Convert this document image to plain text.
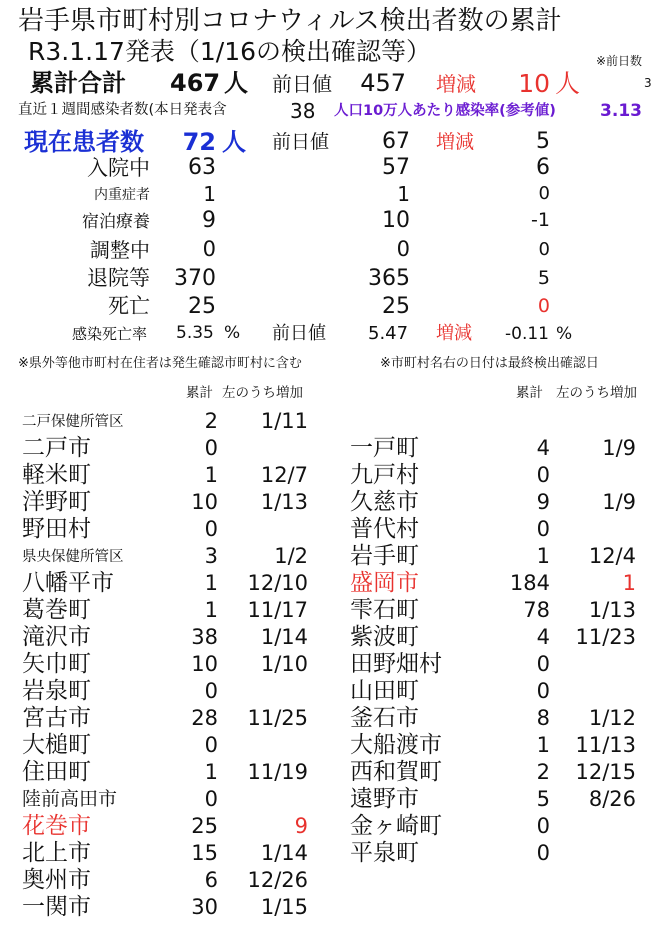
岩手県市町村別コロナウィルス検出者数の累計
R3.1.17発表（1/16の検出確認等）	※前日数
3
累計合計 467 人 前日値	457 増減	10 人
直近１週間感染者数(本日発表含	38 人口10万人あたり感染率(参考値)	3.13
現在患者数	72 人 前日値	67 増減	5
入院中	63	57	6
内重症者	1	1	0
宿泊療養	9	10	-1
調整中	0	0	0
退院等	370	365	5
死亡	25	25	0
感染死亡率 5.35 % 前日値 5.47 増減 -0.11 %
※県外等他市町村在住者は発生確認市町村に含む	※市町村名右の日付は最終検出確認日
累計 左のうち増加	累計 左のうち増加
二戸保健所管区	2	1/11
二戸市	0
軽米町	1	12/7
洋野町	10	1/13
野田村	0
県央保健所管区	3	1/2
八幡平市	1	12/10
葛巻町	1	11/17
滝沢市	38	1/14
矢巾町	10	1/10
岩泉町	0
宮古市	28	11/25
大槌町	0
住田町	1	11/19
陸前高田市	0
花巻市	25	9
北上市	15	1/14
奥州市	6	12/26
一関市	30	1/15
一戸町	4	1/9
九戸村	0
久慈市	9	1/9
普代村	0
岩手町	1	12/4
盛岡市	184	1
雫石町	78	1/13
紫波町	4	11/23
田野畑村	0
山田町	0
釜石市	8	1/12
大船渡市	1	11/13
西和賀町	2	12/15
遠野市	5	8/26
金ヶ崎町	0
平泉町	0
